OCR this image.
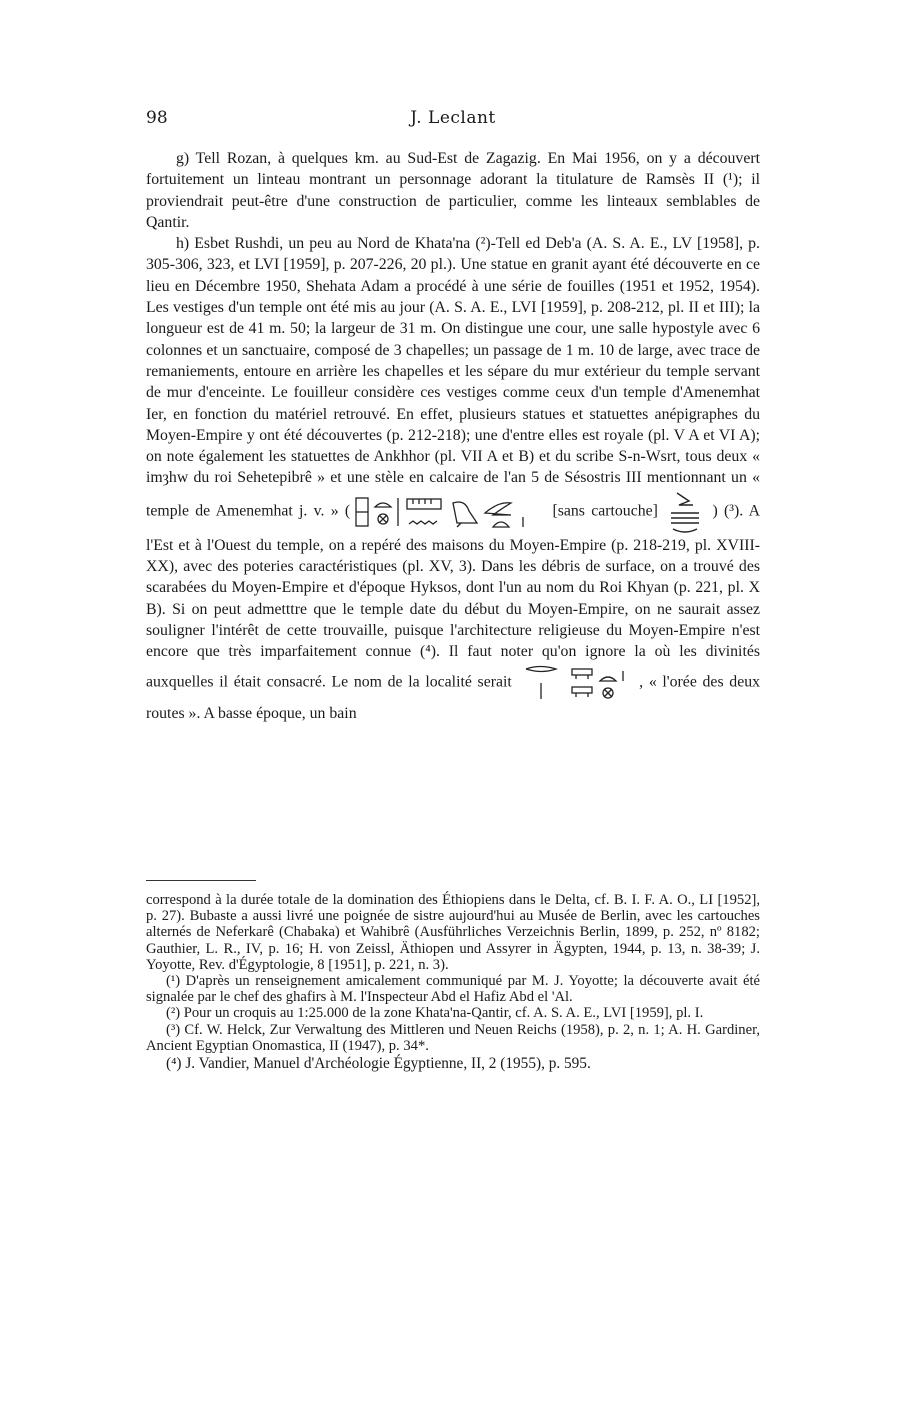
98	J. Leclant

g) Tell Rozan, à quelques km. au Sud-Est de Zagazig. En Mai 1956, on y a découvert fortuitement un linteau montrant un personnage adorant la titulature de Ramsès II (¹); il proviendrait peut-être d'une construction de particulier, comme les linteaux semblables de Qantir.

h) Esbet Rushdi, un peu au Nord de Khata'na (²)-Tell ed Deb'a (A. S. A. E., LV [1958], p. 305-306, 323, et LVI [1959], p. 207-226, 20 pl.). Une statue en granit ayant été découverte en ce lieu en Décembre 1950, Shehata Adam a procédé à une série de fouilles (1951 et 1952, 1954). Les vestiges d'un temple ont été mis au jour (A. S. A. E., LVI [1959], p. 208-212, pl. II et III); la longueur est de 41 m. 50; la largeur de 31 m. On distingue une cour, une salle hypostyle avec 6 colonnes et un sanctuaire, composé de 3 chapelles; un passage de 1 m. 10 de large, avec trace de remaniements, entoure en arrière les chapelles et les sépare du mur extérieur du temple servant de mur d'enceinte. Le fouilleur considère ces vestiges comme ceux d'un temple d'Amenemhat Ier, en fonction du matériel retrouvé. En effet, plusieurs statues et statuettes anépigraphes du Moyen-Empire y ont été découvertes (p. 212-218); une d'entre elles est royale (pl. V A et VI A); on note également les statuettes de Ankhhor (pl. VII A et B) et du scribe S-n-Wsrt, tous deux « imȝhw du roi Sehetepibrê » et une stèle en calcaire de l'an 5 de Sésostris III mentionnant un « temple de Amenemhat j. v. » (	[sans cartouche]	) (³). A l'Est et à l'Ouest du temple, on a repéré des maisons du Moyen-Empire (p. 218-219, pl. XVIII-XX), avec des poteries caractéristiques (pl. XV, 3). Dans les débris de surface, on a trouvé des scarabées du Moyen-Empire et d'époque Hyksos, dont l'un au nom du Roi Khyan (p. 221, pl. X B). Si on peut admetttre que le temple date du début du Moyen-Empire, on ne saurait assez souligner l'intérêt de cette trouvaille, puisque l'architecture religieuse du Moyen-Empire n'est encore que très imparfaitement connue (⁴). Il faut noter qu'on ignore la où les divinités auxquelles il était consacré. Le nom de la localité serait	, « l'orée des deux routes ». A basse époque, un bain

correspond à la durée totale de la domination des Éthiopiens dans le Delta, cf. B. I. F. A. O., LI [1952], p. 27). Bubaste a aussi livré une poignée de sistre aujourd'hui au Musée de Berlin, avec les cartouches alternés de Neferkarê (Chabaka) et Wahibrê (Ausführliches Verzeichnis Berlin, 1899, p. 252, nº 8182; Gauthier, L. R., IV, p. 16; H. von Zeissl, Äthiopen und Assyrer in Ägypten, 1944, p. 13, n. 38-39; J. Yoyotte, Rev. d'Égyptologie, 8 [1951], p. 221, n. 3).

(¹) D'après un renseignement amicalement communiqué par M. J. Yoyotte; la découverte avait été signalée par le chef des ghafirs à M. l'Inspecteur Abd el Hafiz Abd el 'Al.

(²) Pour un croquis au 1:25.000 de la zone Khata'na-Qantir, cf. A. S. A. E., LVI [1959], pl. I.

(³) Cf. W. Helck, Zur Verwaltung des Mittleren und Neuen Reichs (1958), p. 2, n. 1; A. H. Gardiner, Ancient Egyptian Onomastica, II (1947), p. 34*.

(⁴) J. Vandier, Manuel d'Archéologie Égyptienne, II, 2 (1955), p. 595.
